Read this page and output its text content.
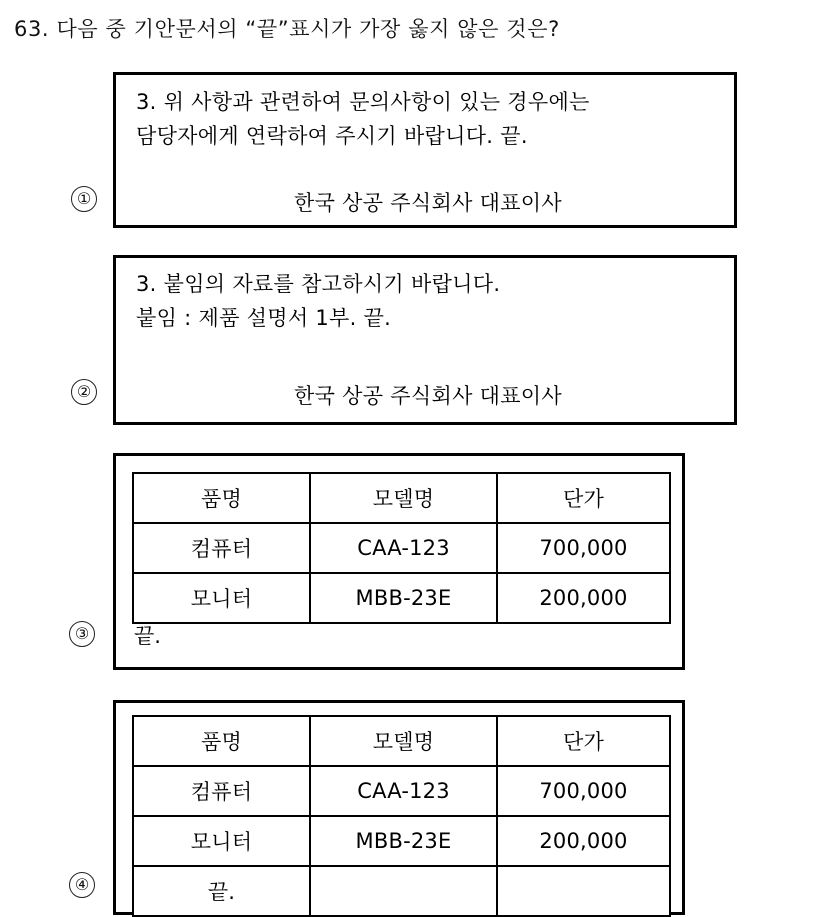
63. 다음 중 기안문서의 “끝”표시가 가장 옳지 않은 것은?
①
3. 위 사항과 관련하여 문의사항이 있는 경우에는
담당자에게 연락하여 주시기 바랍니다. 끝.
한국 상공 주식회사 대표이사
②
3. 붙임의 자료를 참고하시기 바랍니다.
붙임 : 제품 설명서 1부. 끝.
한국 상공 주식회사 대표이사
③
품명	모델명	단가
컴퓨터	CAA-123	700,000
모니터	MBB-23E	200,000
끝.
④
품명	모델명	단가
컴퓨터	CAA-123	700,000
모니터	MBB-23E	200,000
끝.		
